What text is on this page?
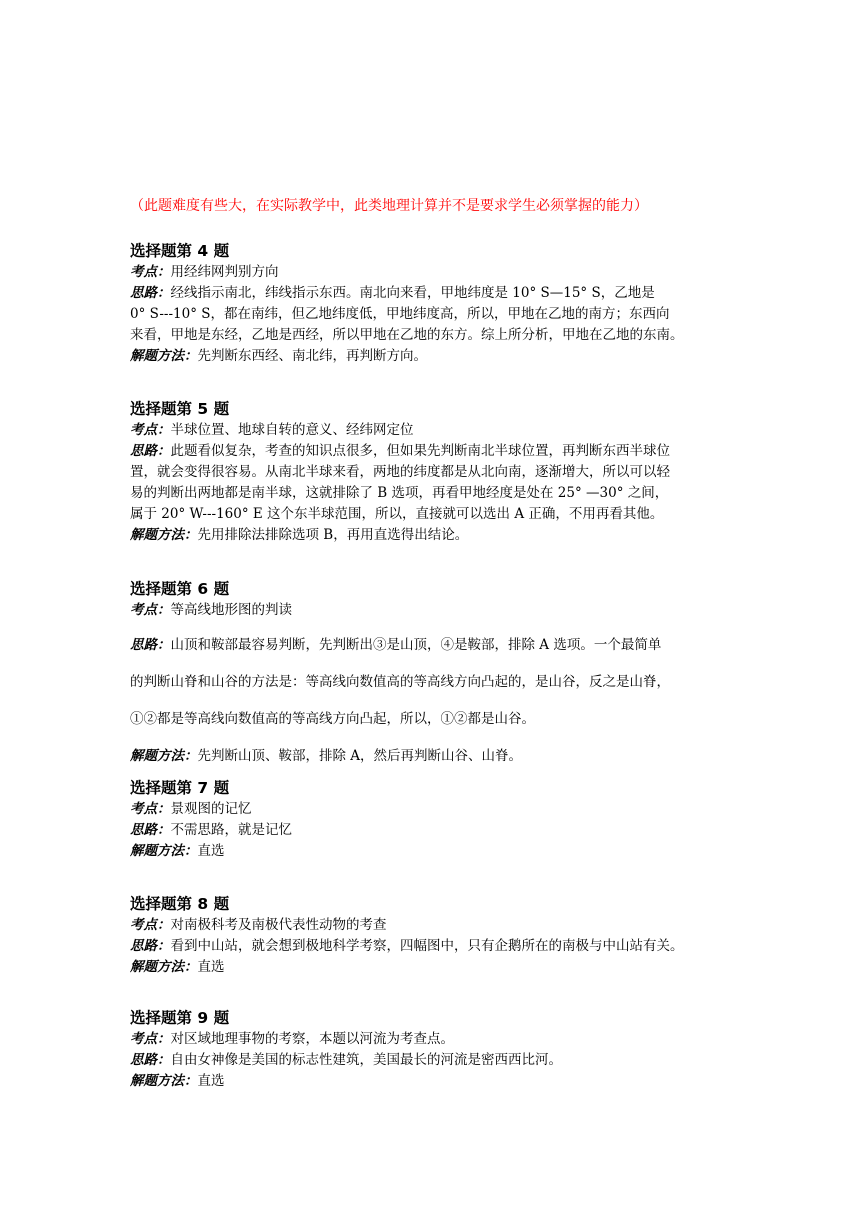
（此题难度有些大，在实际教学中，此类地理计算并不是要求学生必须掌握的能力）
选择题第 4 题

考点：用经纬网判别方向

思路：经线指示南北，纬线指示东西。南北向来看，甲地纬度是 10° S—15° S，乙地是

0° S---10° S，都在南纬，但乙地纬度低，甲地纬度高，所以，甲地在乙地的南方；东西向

来看，甲地是东经，乙地是西经，所以甲地在乙地的东方。综上所分析，甲地在乙地的东南。

解题方法：先判断东西经、南北纬，再判断方向。

选择题第 5 题

考点：半球位置、地球自转的意义、经纬网定位

思路：此题看似复杂，考查的知识点很多，但如果先判断南北半球位置，再判断东西半球位

置，就会变得很容易。从南北半球来看，两地的纬度都是从北向南，逐渐增大，所以可以轻

易的判断出两地都是南半球，这就排除了 B 选项，再看甲地经度是处在 25° —30° 之间，

属于 20° W---160° E 这个东半球范围，所以，直接就可以选出 A 正确，不用再看其他。

解题方法：先用排除法排除选项 B，再用直选得出结论。

选择题第 6 题

考点：等高线地形图的判读

思路：山顶和鞍部最容易判断，先判断出③是山顶，④是鞍部，排除 A 选项。一个最简单

的判断山脊和山谷的方法是：等高线向数值高的等高线方向凸起的，是山谷，反之是山脊，

①②都是等高线向数值高的等高线方向凸起，所以，①②都是山谷。

解题方法：先判断山顶、鞍部，排除 A，然后再判断山谷、山脊。

选择题第 7 题

考点：景观图的记忆

思路：不需思路，就是记忆

解题方法：直选

选择题第 8 题

考点：对南极科考及南极代表性动物的考查

思路：看到中山站，就会想到极地科学考察，四幅图中，只有企鹅所在的南极与中山站有关。

解题方法：直选

选择题第 9 题

考点：对区域地理事物的考察，本题以河流为考查点。

思路：自由女神像是美国的标志性建筑，美国最长的河流是密西西比河。

解题方法：直选
